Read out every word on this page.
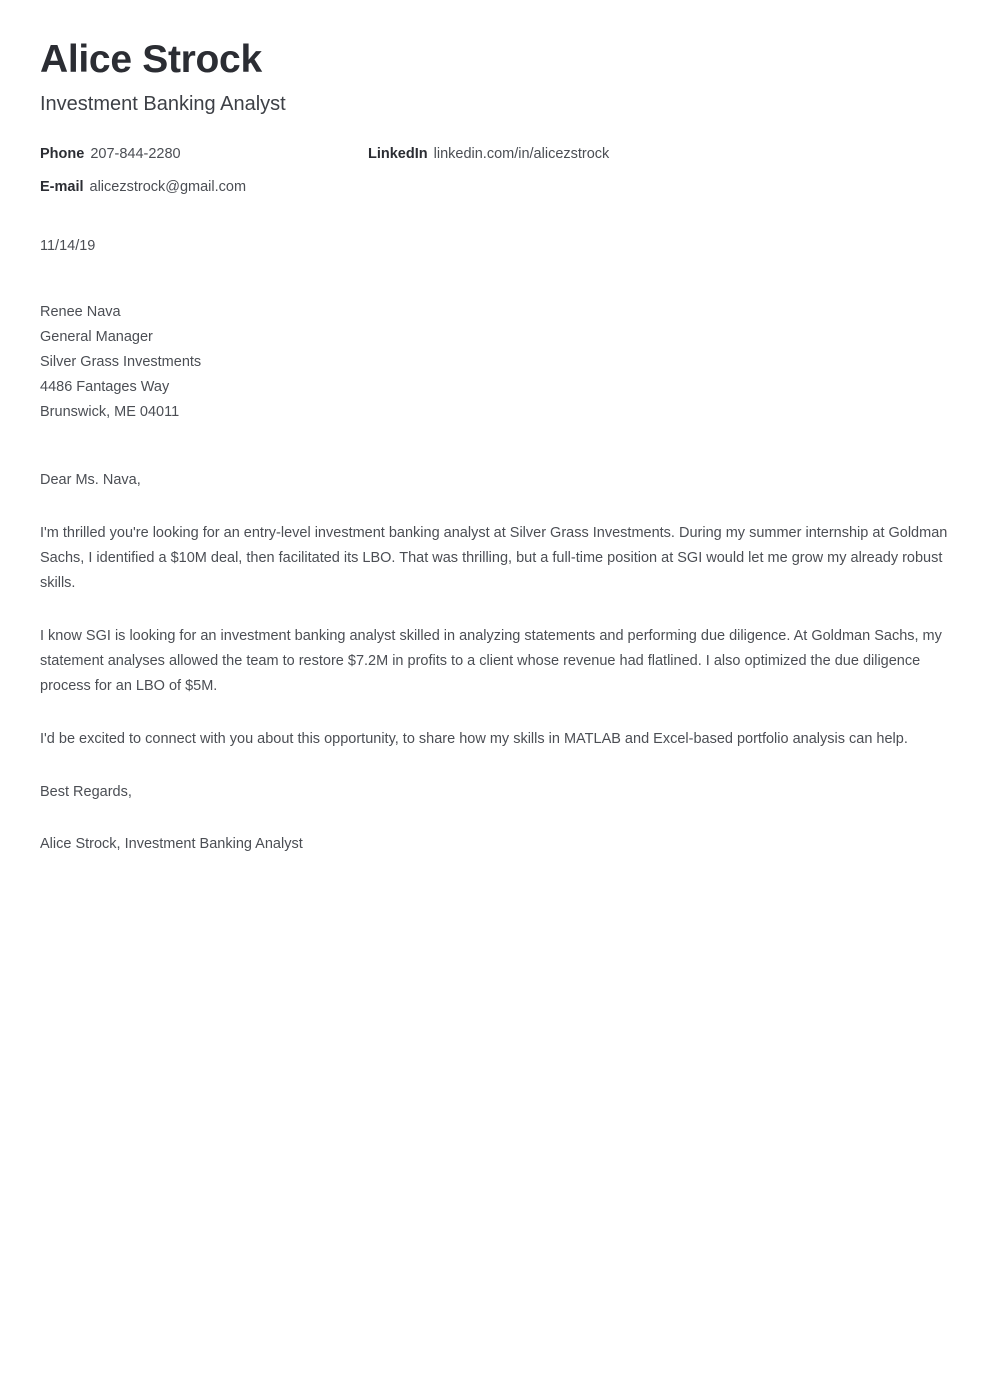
Alice Strock
Investment Banking Analyst
Phone 207-844-2280	LinkedIn linkedin.com/in/alicezstrock
E-mail alicezstrock@gmail.com
11/14/19
Renee Nava
General Manager
Silver Grass Investments
4486 Fantages Way
Brunswick, ME 04011
Dear Ms. Nava,

I'm thrilled you're looking for an entry-level investment banking analyst at Silver Grass Investments. During my summer internship at Goldman Sachs, I identified a $10M deal, then facilitated its LBO. That was thrilling, but a full-time position at SGI would let me grow my already robust skills.

I know SGI is looking for an investment banking analyst skilled in analyzing statements and performing due diligence. At Goldman Sachs, my statement analyses allowed the team to restore $7.2M in profits to a client whose revenue had flatlined. I also optimized the due diligence process for an LBO of $5M.

I'd be excited to connect with you about this opportunity, to share how my skills in MATLAB and Excel-based portfolio analysis can help.

Best Regards,
Alice Strock, Investment Banking Analyst
